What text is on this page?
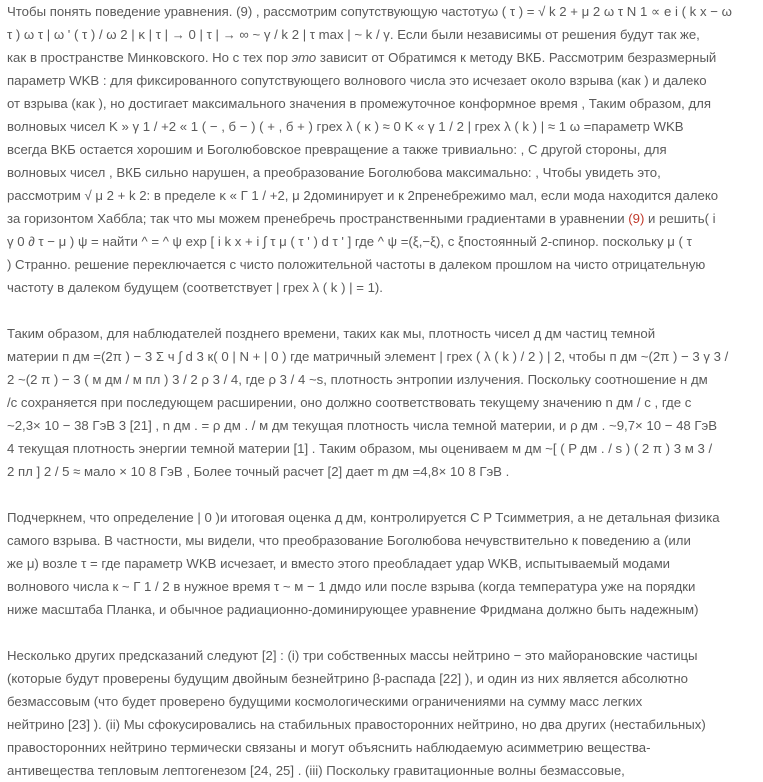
Чтобы понять поведение уравнения. (9) , рассмотрим сопутствующую частотуω ( τ ) = √ k 2 + μ 2 ω τ N 1 ∝ e i ( k x − ω
τ ) ω τ | ω ' ( τ ) / ω 2 | κ | τ | → 0 | τ | → ∞ ~ γ / k 2 | τ max | ~ k / γ. Если были независимы от решения будут так же,
как в пространстве Минковского. Но с тех пор это зависит от Обратимся к методу ВКБ. Рассмотрим безразмерный
параметр WKB : для фиксированного сопутствующего волнового числа это исчезает около взрыва (как ) и далеко
от взрыва (как ), но достигает максимального значения в промежуточное конформное время , Таким образом, для
волновых чисел K » γ 1 / +2 « 1 ( − , б − ) ( + , б + ) грех λ ( κ ) ≈ 0 K « γ 1 / 2 | грех λ ( k ) | ≈ 1 ω =параметр WKB
всегда ВКБ остается хорошим и Боголюбовское превращение а также тривиально: , С другой стороны, для
волновых чисел , ВКБ сильно нарушен, а преобразование Боголюбова максимально: , Чтобы увидеть это,
рассмотрим √ μ 2 + k 2: в пределе κ « Г 1 / +2, μ 2доминирует и к 2пренебрежимо мал, если мода находится далеко
за горизонтом Хаббла; так что мы можем пренебречь пространственными градиентами в уравнении (9) и решить( i
γ 0 ∂ τ − μ ) ψ = найти ^ = ^ ψ exp [ i k x + i ∫ τ μ ( τ ' ) d τ ' ] где ^ ψ =(ξ,−ξ), с ξпостоянный 2-спинор. поскольку μ ( τ
) Странно. решение переключается с чисто положительной частоты в далеком прошлом на чисто отрицательную
частоту в далеком будущем (соответствует | грех λ ( k ) | = 1).
Таким образом, для наблюдателей позднего времени, таких как мы, плотность чисел д дм частиц темной
материи п дм =(2π ) − 3 Σ ч ∫ d 3 к( 0 | N + | 0 ) где матричный элемент | грех ( λ ( k ) / 2 ) | 2, чтобы п дм ~(2π ) − 3 γ 3 /
2 ~(2 π ) − 3 ( м дм / м пл ) 3 / 2 ρ 3 / 4, где ρ 3 / 4 ~s, плотность энтропии излучения. Поскольку соотношение н дм
/с сохраняется при последующем расширении, оно должно соответствовать текущему значению n дм / с , где с
~2,3× 10 − 38 ГэВ 3 [21] , n дм . = ρ дм . / м дм текущая плотность числа темной материи, и ρ дм . ~9,7× 10 − 48 ГэВ
4 текущая плотность энергии темной материи [1] . Таким образом, мы оцениваем м дм ~[ ( P дм . / s ) ( 2 π ) 3 м 3 /
2 пл ] 2 / 5 ≈ мало × 10 8 ГэВ , Более точный расчет [2] дает m дм =4,8× 10 8 ГэВ .
Подчеркнем, что определение | 0 )и итоговая оценка д дм, контролируется C P Tсимметрия, а не детальная физика
самого взрыва. В частности, мы видели, что преобразование Боголюбова нечувствительно к поведению a (или
же μ) возле τ = где параметр WKB исчезает, и вместо этого преобладает удар WKB, испытываемый модами
волнового числа к ~ Г 1 / 2 в нужное время τ ~ м − 1 дмдо или после взрыва (когда температура уже на порядки
ниже масштаба Планка, и обычное радиационно-доминирующее уравнение Фридмана должно быть надежным)
Несколько других предсказаний следуют [2] : (i) три собственных массы нейтрино − это майорановские частицы
(которые будут проверены будущим двойным безнейтрино β-распада [22] ), и один из них является абсолютно
безмассовым (что будет проверено будущими космологическими ограничениями на сумму масс легких
нейтрино [23] ). (ii) Мы сфокусировались на стабильных правосторонних нейтрино, но два других (нестабильных)
правосторонних нейтрино термически связаны и могут объяснить наблюдаемую асимметрию вещества-
антивещества тепловым лептогенезом [24, 25] . (iii) Поскольку гравитационные волны безмассовые,
